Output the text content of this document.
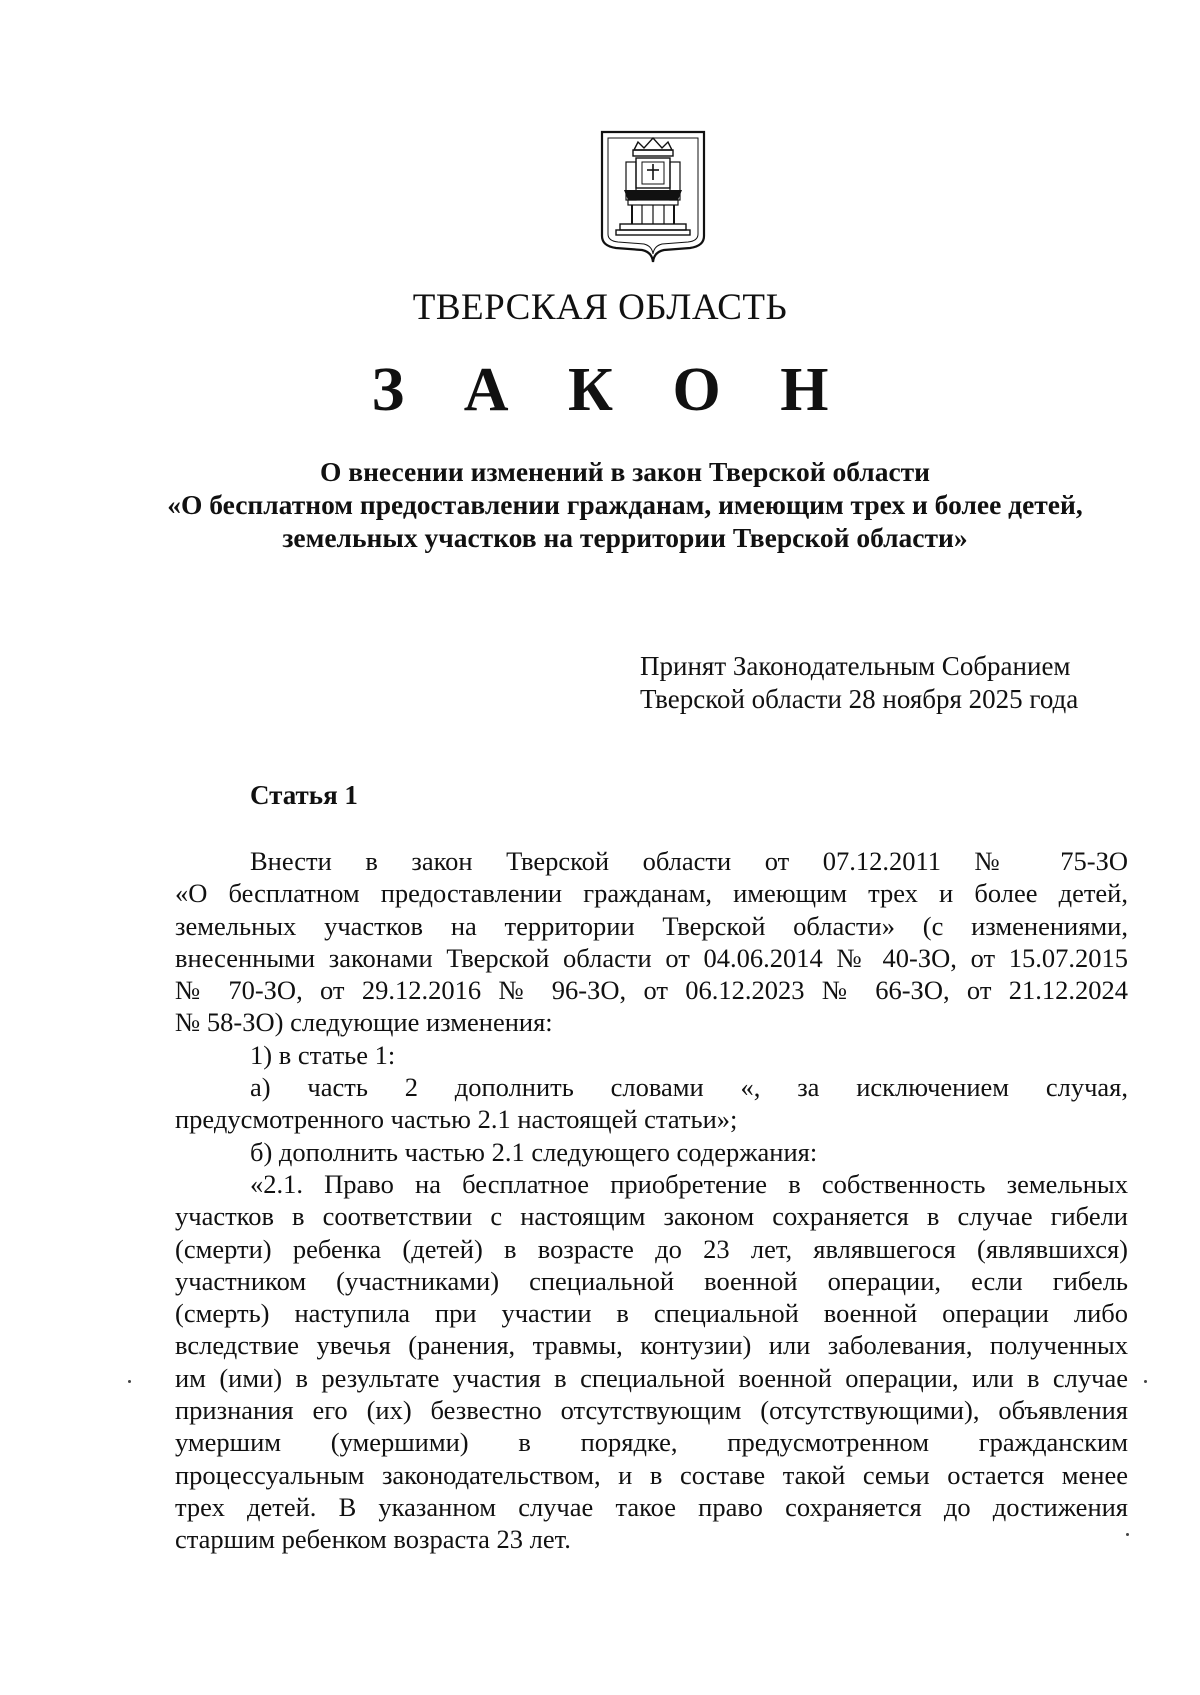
ТВЕРСКАЯ ОБЛАСТЬ
З А К О Н
О внесении изменений в закон Тверской области
«О бесплатном предоставлении гражданам, имеющим трех и более детей,
земельных участков на территории Тверской области»
Принят Законодательным Собранием
Тверской области 28 ноября 2025 года
Статья 1
Внести в закон Тверской области от 07.12.2011 № 75-ЗО
«О бесплатном предоставлении гражданам, имеющим трех и более детей,
земельных участков на территории Тверской области» (с изменениями,
внесенными законами Тверской области от 04.06.2014 № 40-ЗО, от 15.07.2015
№ 70-ЗО, от 29.12.2016 № 96-ЗО, от 06.12.2023 № 66-ЗО, от 21.12.2024
№ 58-ЗО) следующие изменения:
1) в статье 1:
а) часть 2 дополнить словами «, за исключением случая,
предусмотренного частью 2.1 настоящей статьи»;
б) дополнить частью 2.1 следующего содержания:
«2.1. Право на бесплатное приобретение в собственность земельных
участков в соответствии с настоящим законом сохраняется в случае гибели
(смерти) ребенка (детей) в возрасте до 23 лет, являвшегося (являвшихся)
участником (участниками) специальной военной операции, если гибель
(смерть) наступила при участии в специальной военной операции либо
вследствие увечья (ранения, травмы, контузии) или заболевания, полученных
им (ими) в результате участия в специальной военной операции, или в случае
признания его (их) безвестно отсутствующим (отсутствующими), объявления
умершим (умершими) в порядке, предусмотренном гражданским
процессуальным законодательством, и в составе такой семьи остается менее
трех детей. В указанном случае такое право сохраняется до достижения
старшим ребенком возраста 23 лет.
